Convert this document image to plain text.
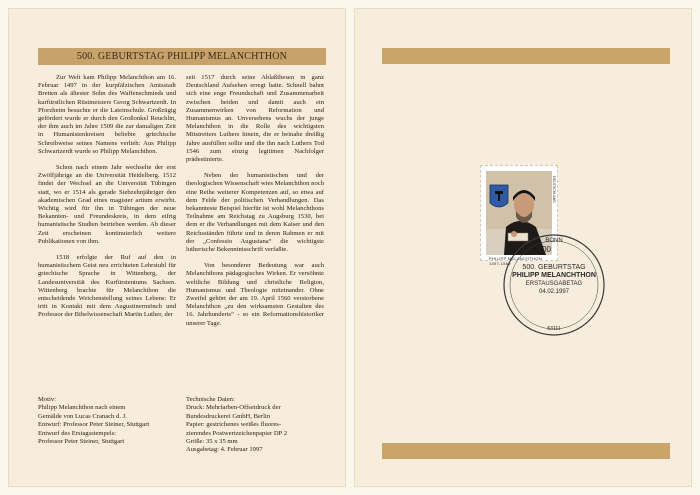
500. GEBURTSTAG PHILIPP MELANCHTHON

Zur Welt kam Philipp Melanchthon am 16. Februar 1497 in der kurpfälzischen Amtsstadt Bretten als ältester Sohn des Waffenschmieds und kurfürstlichen Rüstmeisters Georg Schwartzerdt. In Pforzheim besuchte er die Lateinschule. Großzügig gefördert wurde er durch den Großonkel Reuchlin, der ihm auch im Jahre 1509 die zur damaligen Zeit in Humanistenkreisen beliebte griechische Schreibweise seines Namens verlieh: Aus Philipp Schwartzerdt wurde so Philipp Melanchthon.

Schon nach einem Jahr wechselte der erst Zwölfjährige an die Universität Heidelberg. 1512 findet der Wechsel an die Universität Tübingen statt, wo er 1514 als gerade Siebzehnjähriger den akademischen Grad eines magister artium erwirbt. Wichtig wird für ihn in Tübingen der neue Bekannten- und Freundeskreis, in dem eifrig humanistische Studien betrieben werden. Ab dieser Zeit erscheinen kontinuierlich weitere Publikationen von ihm.

1518 erfolgte der Ruf auf den in humanistischem Geist neu errichteten Lehrstuhl für griechische Sprache in Wittenberg, der Landesuniversität des Kurfürstentums Sachsen. Wittenberg brachte für Melanchthon die entscheidende Weichenstellung seines Lebens: Er tritt in Kontakt mit dem Augustinermönch und Professor der Bibelwissenschaft Martin Luther, der

seit 1517 durch seine Ablaßthesen in ganz Deutschland Aufsehen erregt hatte. Schnell bahnt sich eine enge Freundschaft und Zusammenarbeit zwischen beiden und damit auch ein Zusammenwirken von Reformation und Humanismus an. Unversehens wuchs der junge Melanchthon in die Rolle des wichtigsten Mitstreiters Luthers hinein, die er beinahe dreißig Jahre ausfüllen sollte und die ihn nach Luthers Tod 1546 zum einzig legitimen Nachfolger prädestinierte.

Neben der humanistischen und der theologischen Wissenschaft wies Melanchthon noch eine Reihe weiterer Kompetenzen auf, so etwa auf dem Felde der politischen Verhandlungen. Das bekannteste Beispiel hierfür ist wohl Melanchthons Teilnahme am Reichstag zu Augsburg 1530, bei dem er die Verhandlungen mit dem Kaiser und den Reichsständen führte und in deren Rahmen er mit der „Confessio Augustana“ die wichtigste lutherische Bekenntnisschrift verfaßte.

Von besonderer Bedeutung war auch Melanchthons pädagogisches Wirken. Er versöhnte weltliche Bildung und christliche Religion, Humanismus und Theologie miteinander. Ohne Zweifel gehört der am 19. April 1560 verstorbene Melanchthon „zu den wirksamsten Gestalten des 16. Jahrhunderts“ - so ein Reformationshistoriker unserer Tage.

Motiv:
Philipp Melanchthon nach einem
Gemälde von Lucas Cranach d. J.
Entwurf: Professor Peter Steiner, Stuttgart
Entwurf des Erstagsstempels:
Professor Peter Steiner, Stuttgart
Technische Daten:
Druck: Mehrfarben-Offsetdruck der
Bundesdruckerei GmbH, Berlin
Papier: gestrichenes weißes fluores-
zierendes Postwertzeichenpapier DP 2
Größe: 35 x 35 mm
Ausgabetag: 4. Februar 1997
PHILIPP MELANCHTHON 1497-1560
DEUTSCHLAND
100
BONN
500. GEBURTSTAG
PHILIPP MELANCHTHON
ERSTAUSGABETAG
04.02.1997
53111
